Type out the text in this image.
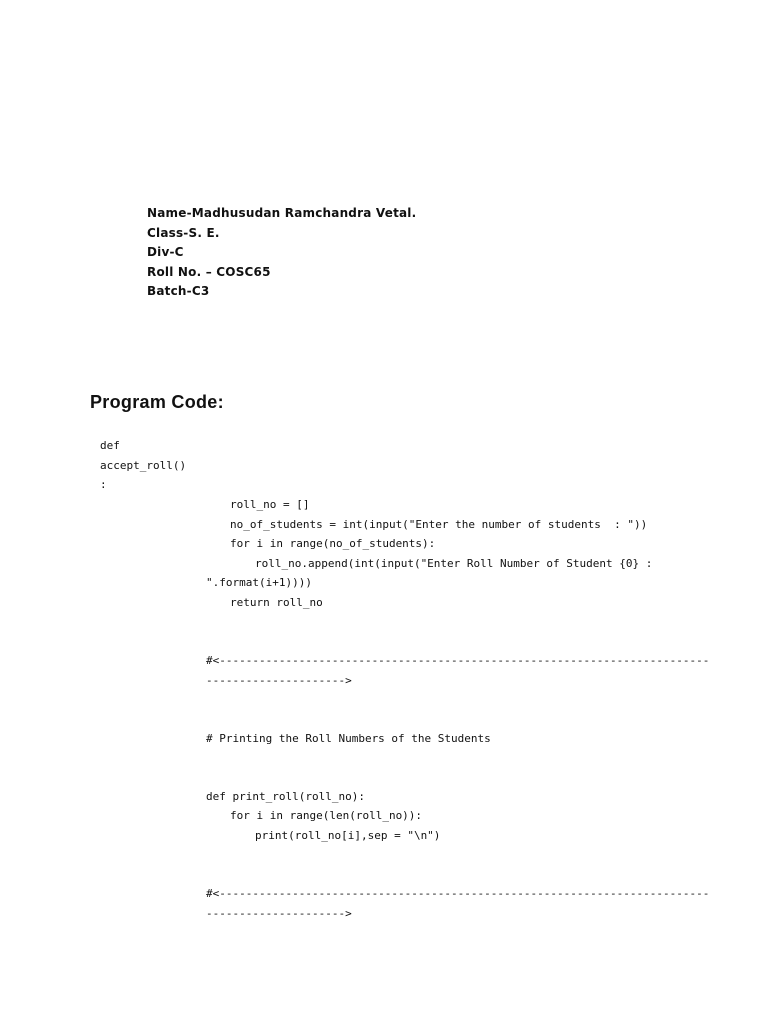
Name-Madhusudan Ramchandra Vetal.
Class-S. E.
Div-C
Roll No. – COSC65
Batch-C3
Program Code:
def
accept_roll()
:
roll_no = []
no_of_students = int(input("Enter the number of students  : "))
for i in range(no_of_students):
roll_no.append(int(input("Enter Roll Number of Student {0} :
".format(i+1))))
return roll_no
#<--------------------------------------------------------------------------
--------------------->
# Printing the Roll Numbers of the Students
def print_roll(roll_no):
for i in range(len(roll_no)):
print(roll_no[i],sep = "\n")
#<--------------------------------------------------------------------------
--------------------->
